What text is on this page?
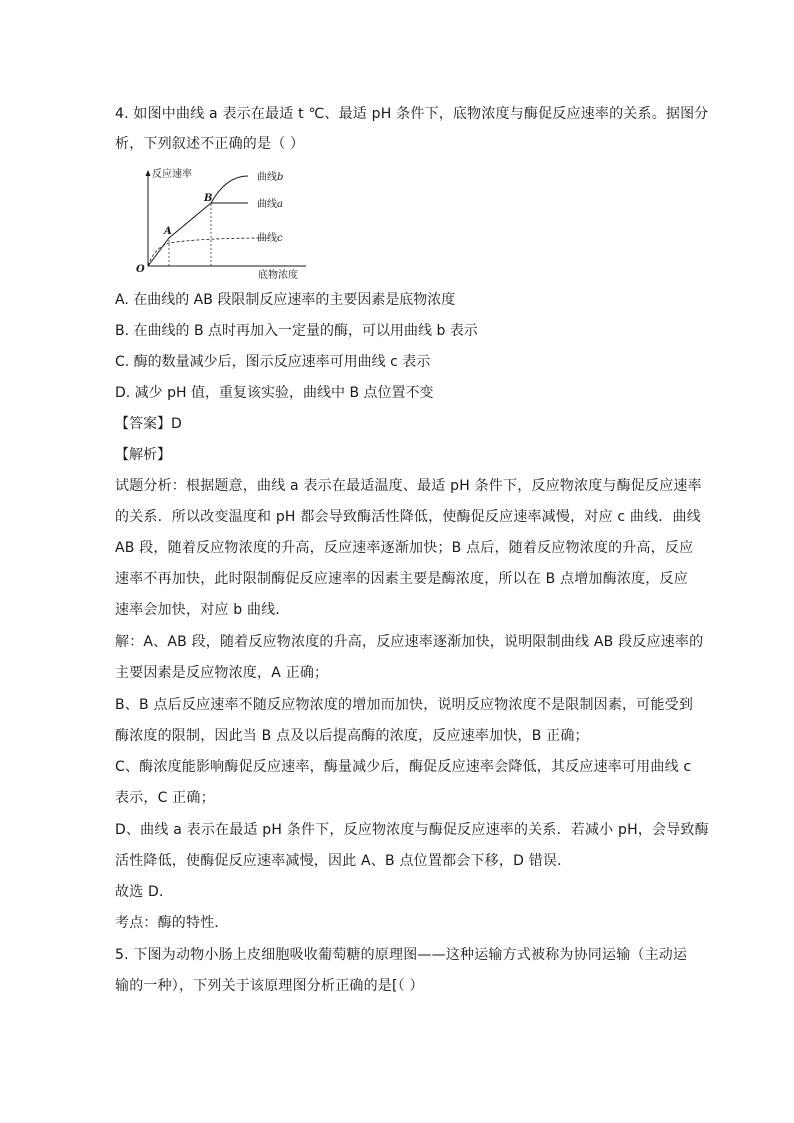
4. 如图中曲线 a 表示在最适 t ℃、最适 pH 条件下，底物浓度与酶促反应速率的关系。据图分
析，下列叙述不正确的是（ ）
反应速率
底物浓度
O
A
B
曲线b
曲线a
曲线c
A. 在曲线的 AB 段限制反应速率的主要因素是底物浓度
B. 在曲线的 B 点时再加入一定量的酶，可以用曲线 b 表示
C. 酶的数量减少后，图示反应速率可用曲线 c 表示
D. 减少 pH 值，重复该实验，曲线中 B 点位置不变
【答案】D
【解析】
试题分析：根据题意，曲线 a 表示在最适温度、最适 pH 条件下，反应物浓度与酶促反应速率
的关系．所以改变温度和 pH 都会导致酶活性降低，使酶促反应速率减慢，对应 c 曲线．曲线
AB 段，随着反应物浓度的升高，反应速率逐渐加快；B 点后，随着反应物浓度的升高，反应
速率不再加快，此时限制酶促反应速率的因素主要是酶浓度，所以在 B 点增加酶浓度，反应
速率会加快，对应 b 曲线．
解：A、AB 段，随着反应物浓度的升高，反应速率逐渐加快，说明限制曲线 AB 段反应速率的
主要因素是反应物浓度，A 正确；
B、B 点后反应速率不随反应物浓度的增加而加快，说明反应物浓度不是限制因素，可能受到
酶浓度的限制，因此当 B 点及以后提高酶的浓度，反应速率加快，B 正确；
C、酶浓度能影响酶促反应速率，酶量减少后，酶促反应速率会降低，其反应速率可用曲线 c
表示，C 正确；
D、曲线 a 表示在最适 pH 条件下，反应物浓度与酶促反应速率的关系．若减小 pH，会导致酶
活性降低，使酶促反应速率减慢，因此 A、B 点位置都会下移，D 错误．
故选 D．
考点：酶的特性．
5. 下图为动物小肠上皮细胞吸收葡萄糖的原理图——这种运输方式被称为协同运输（主动运
输的一种），下列关于该原理图分析正确的是[（ ）
